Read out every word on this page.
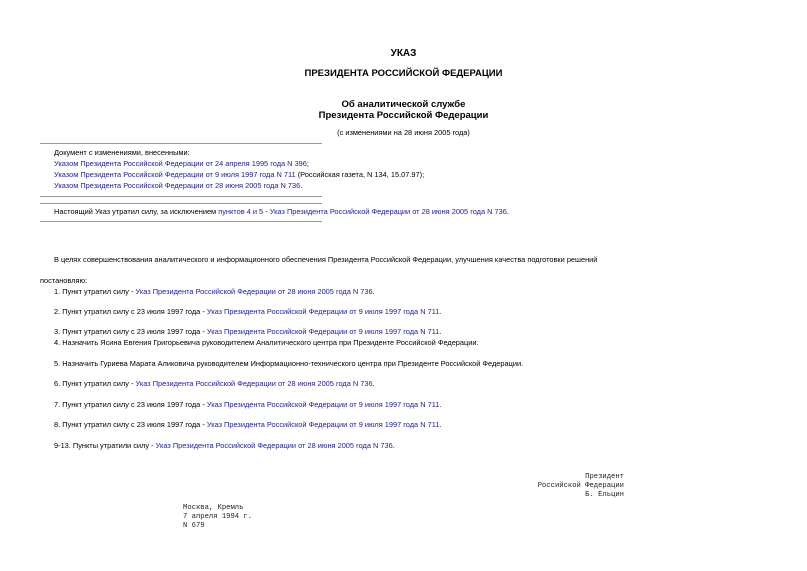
УКАЗ
ПРЕЗИДЕНТА РОССИЙСКОЙ ФЕДЕРАЦИИ
Об аналитической службе
Президента Российской Федерации
(с изменениями на 28 июня 2005 года)
Документ с изменениями, внесенными:
Указом Президента Российской Федерации от 24 апреля 1995 года N 396;
Указом Президента Российской Федерации от 9 июля 1997 года N 711 (Российская газета, N 134, 15.07.97);
Указом Президента Российской Федерации от 28 июня 2005 года N 736.
Настоящий Указ утратил силу, за исключением пунктов 4 и 5 - Указ Президента Российской Федерации от 28 июня 2005 года N 736.
В целях совершенствования аналитического и информационного обеспечения Президента Российской Федерации, улучшения качества подготовки решений
постановляю:
1. Пункт утратил силу - Указ Президента Российской Федерации от 28 июня 2005 года N 736.
2. Пункт утратил силу с 23 июля 1997 года - Указ Президента Российской Федерации от 9 июля 1997 года N 711.
3. Пункт утратил силу с 23 июля 1997 года - Указ Президента Российской Федерации от 9 июля 1997 года N 711.
4. Назначить Ясина Евгения Григорьевича руководителем Аналитического центра при Президенте Российской Федерации.
5. Назначить Гуриева Марата Аликовича руководителем Информационно-технического центра при Президенте Российской Федерации.
6. Пункт утратил силу - Указ Президента Российской Федерации от 28 июня 2005 года N 736.
7. Пункт утратил силу с 23 июля 1997 года - Указ Президента Российской Федерации от 9 июля 1997 года N 711.
8. Пункт утратил силу с 23 июля 1997 года - Указ Президента Российской Федерации от 9 июля 1997 года N 711.
9-13. Пункты утратили силу - Указ Президента Российской Федерации от 28 июня 2005 года N 736.
Президент
Российской Федерации
Б. Ельцин
Москва, Кремль
7 апреля 1994 г.
N 679
